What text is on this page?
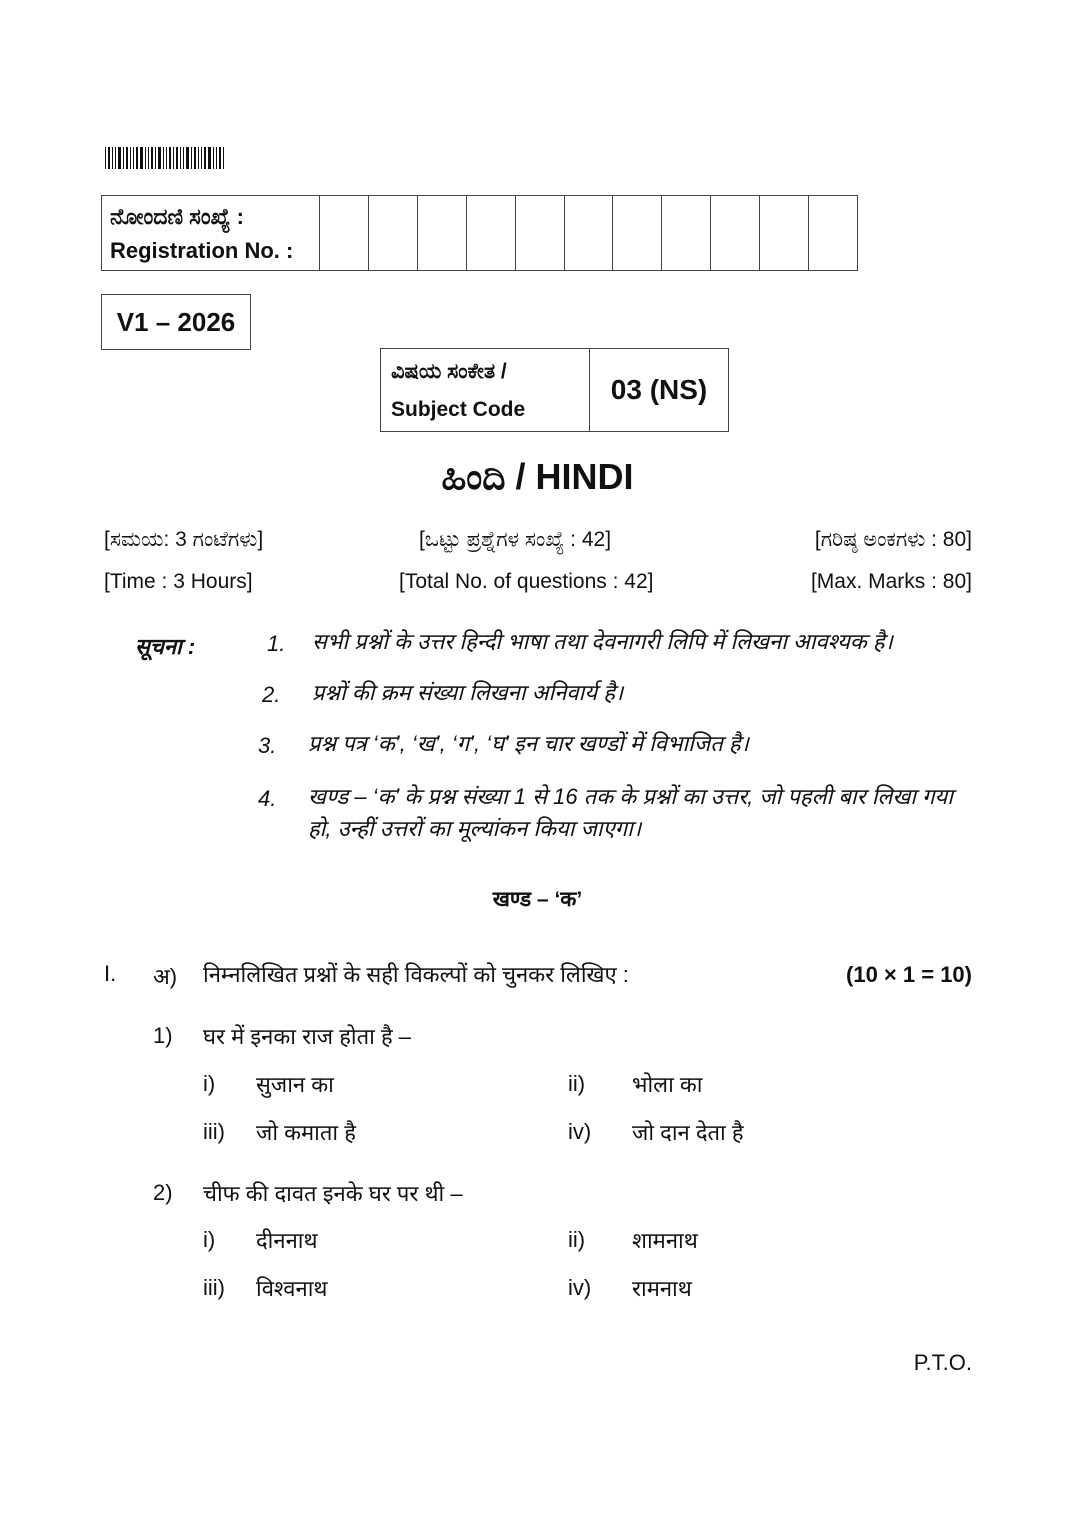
ನೋಂದಣಿ ಸಂಖ್ಯೆ :
Registration No. :
V1 – 2026
ವಿಷಯ ಸಂಕೇತ /
Subject Code
03 (NS)
ಹಿಂದಿ / HINDI
[ಸಮಯ: 3 ಗಂಟೆಗಳು]	[ಒಟ್ಟು ಪ್ರಶ್ನೆಗಳ ಸಂಖ್ಯೆ : 42]	[ಗರಿಷ್ಠ ಅಂಕಗಳು : 80]
[Time : 3 Hours]	[Total No. of questions : 42]	[Max. Marks : 80]
सूचना :	1. सभी प्रश्नों के उत्तर हिन्दी भाषा तथा देवनागरी लिपि में लिखना आवश्यक है।
2. प्रश्नों की क्रम संख्या लिखना अनिवार्य है।
3. प्रश्न पत्र ‘क’, ‘ख’, ‘ग’, ‘घ’ इन चार खण्डों में विभाजित है।
4. खण्ड – ‘क’ के प्रश्न संख्या 1 से 16 तक के प्रश्नों का उत्तर, जो पहली बार लिखा गया हो, उन्हीं उत्तरों का मूल्यांकन किया जाएगा।
खण्ड – ‘क’
I. अ) निम्नलिखित प्रश्नों के सही विकल्पों को चुनकर लिखिए :	(10 × 1 = 10)
1) घर में इनका राज होता है –
i) सुजान का	ii) भोला का
iii) जो कमाता है	iv) जो दान देता है
2) चीफ की दावत इनके घर पर थी –
i) दीननाथ	ii) शामनाथ
iii) विश्वनाथ	iv) रामनाथ
P.T.O.
